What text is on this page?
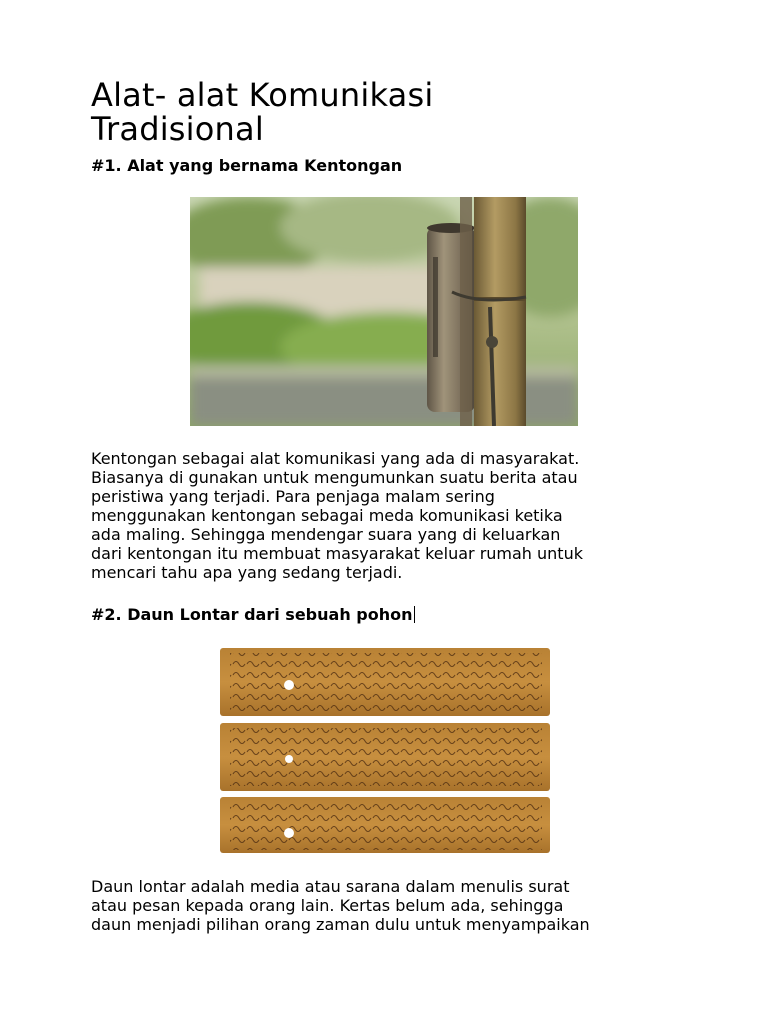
Alat- alat Komunikasi Tradisional
#1. Alat yang bernama Kentongan

Kentongan sebagai alat komunikasi yang ada di masyarakat.

Biasanya di gunakan untuk mengumunkan suatu berita atau

peristiwa yang terjadi. Para penjaga malam sering

menggunakan kentongan sebagai meda komunikasi ketika

ada maling. Sehingga mendengar suara yang di keluarkan

dari kentongan itu membuat masyarakat keluar rumah untuk

mencari tahu apa yang sedang terjadi.

#2. Daun Lontar dari sebuah pohon

Daun lontar adalah media atau sarana dalam menulis surat

atau pesan kepada orang lain. Kertas belum ada, sehingga

daun menjadi pilihan orang zaman dulu untuk menyampaikan
